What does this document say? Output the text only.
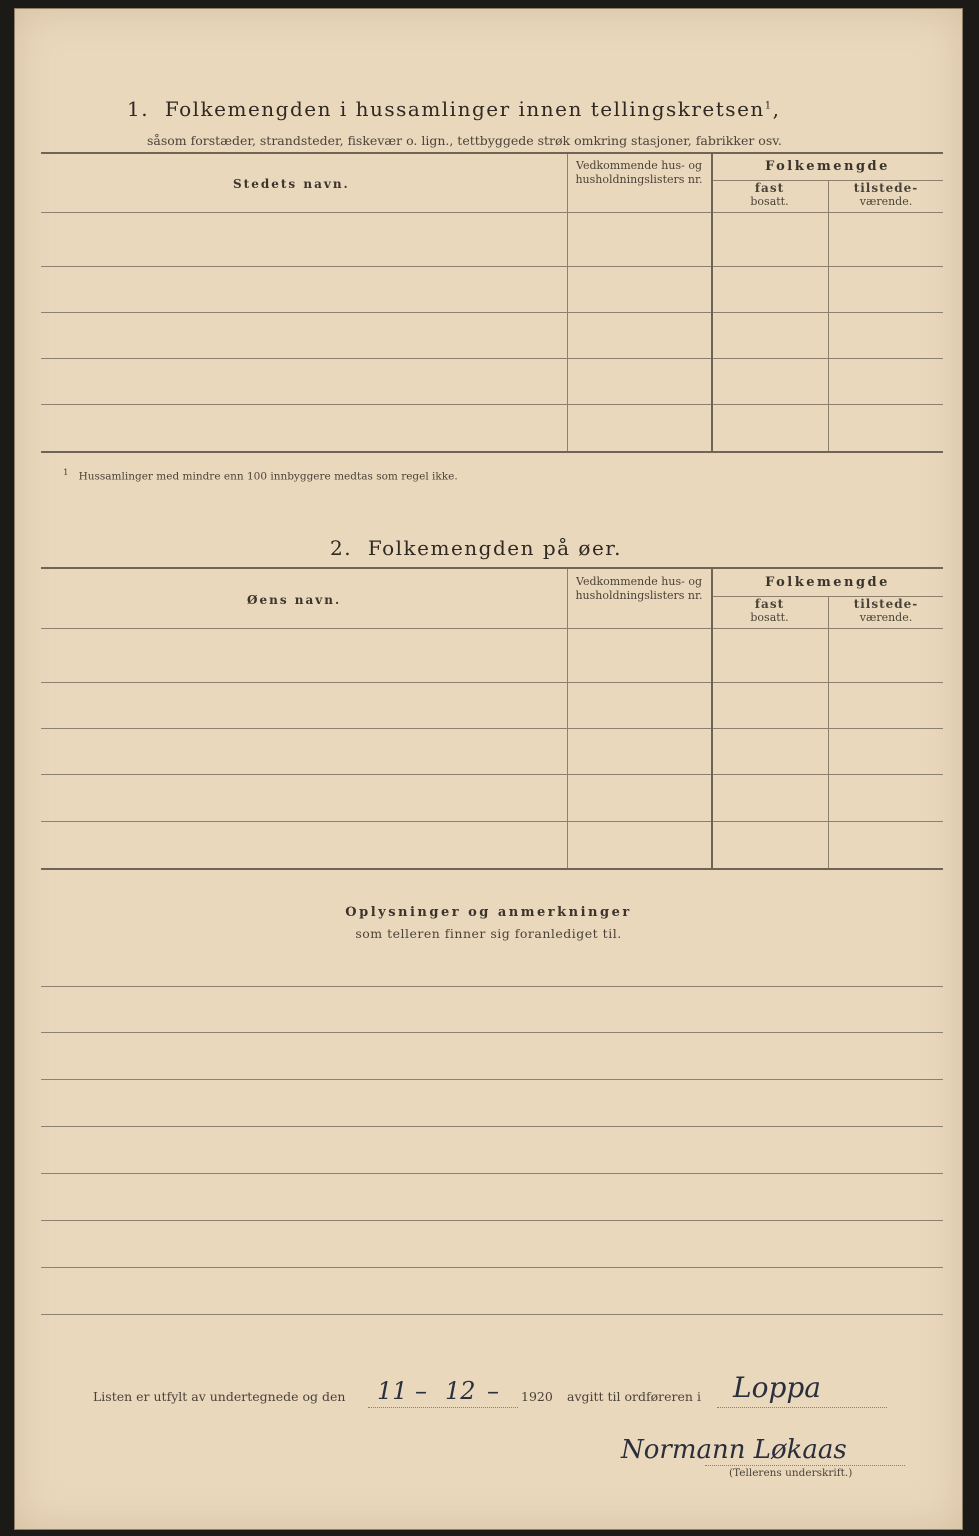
1. Folkemengden i hussamlinger innen tellingskretsen$^1$,
såsom forstæder, strandsteder, fiskevær o. lign., tettbyggede strøk omkring stasjoner, fabrikker osv.
Stedets navn.
Vedkommende hus- og husholdningslisters nr.
Folkemengde
fast
bosatt.
tilstede-
værende.
$^1$ Hussamlinger med mindre enn 100 innbyggere medtas som regel ikke.
2. Folkemengden på øer.
Øens navn.
Vedkommende hus- og husholdningslisters nr.
Folkemengde
fast
bosatt.
tilstede-
værende.
Oplysninger og anmerkninger
som telleren finner sig foranlediget til.
Listen er utfylt av undertegnede og den 11 – 12 – 1920 avgitt til ordføreren i Loppa
Normann Løkaas
(Tellerens underskrift.)
